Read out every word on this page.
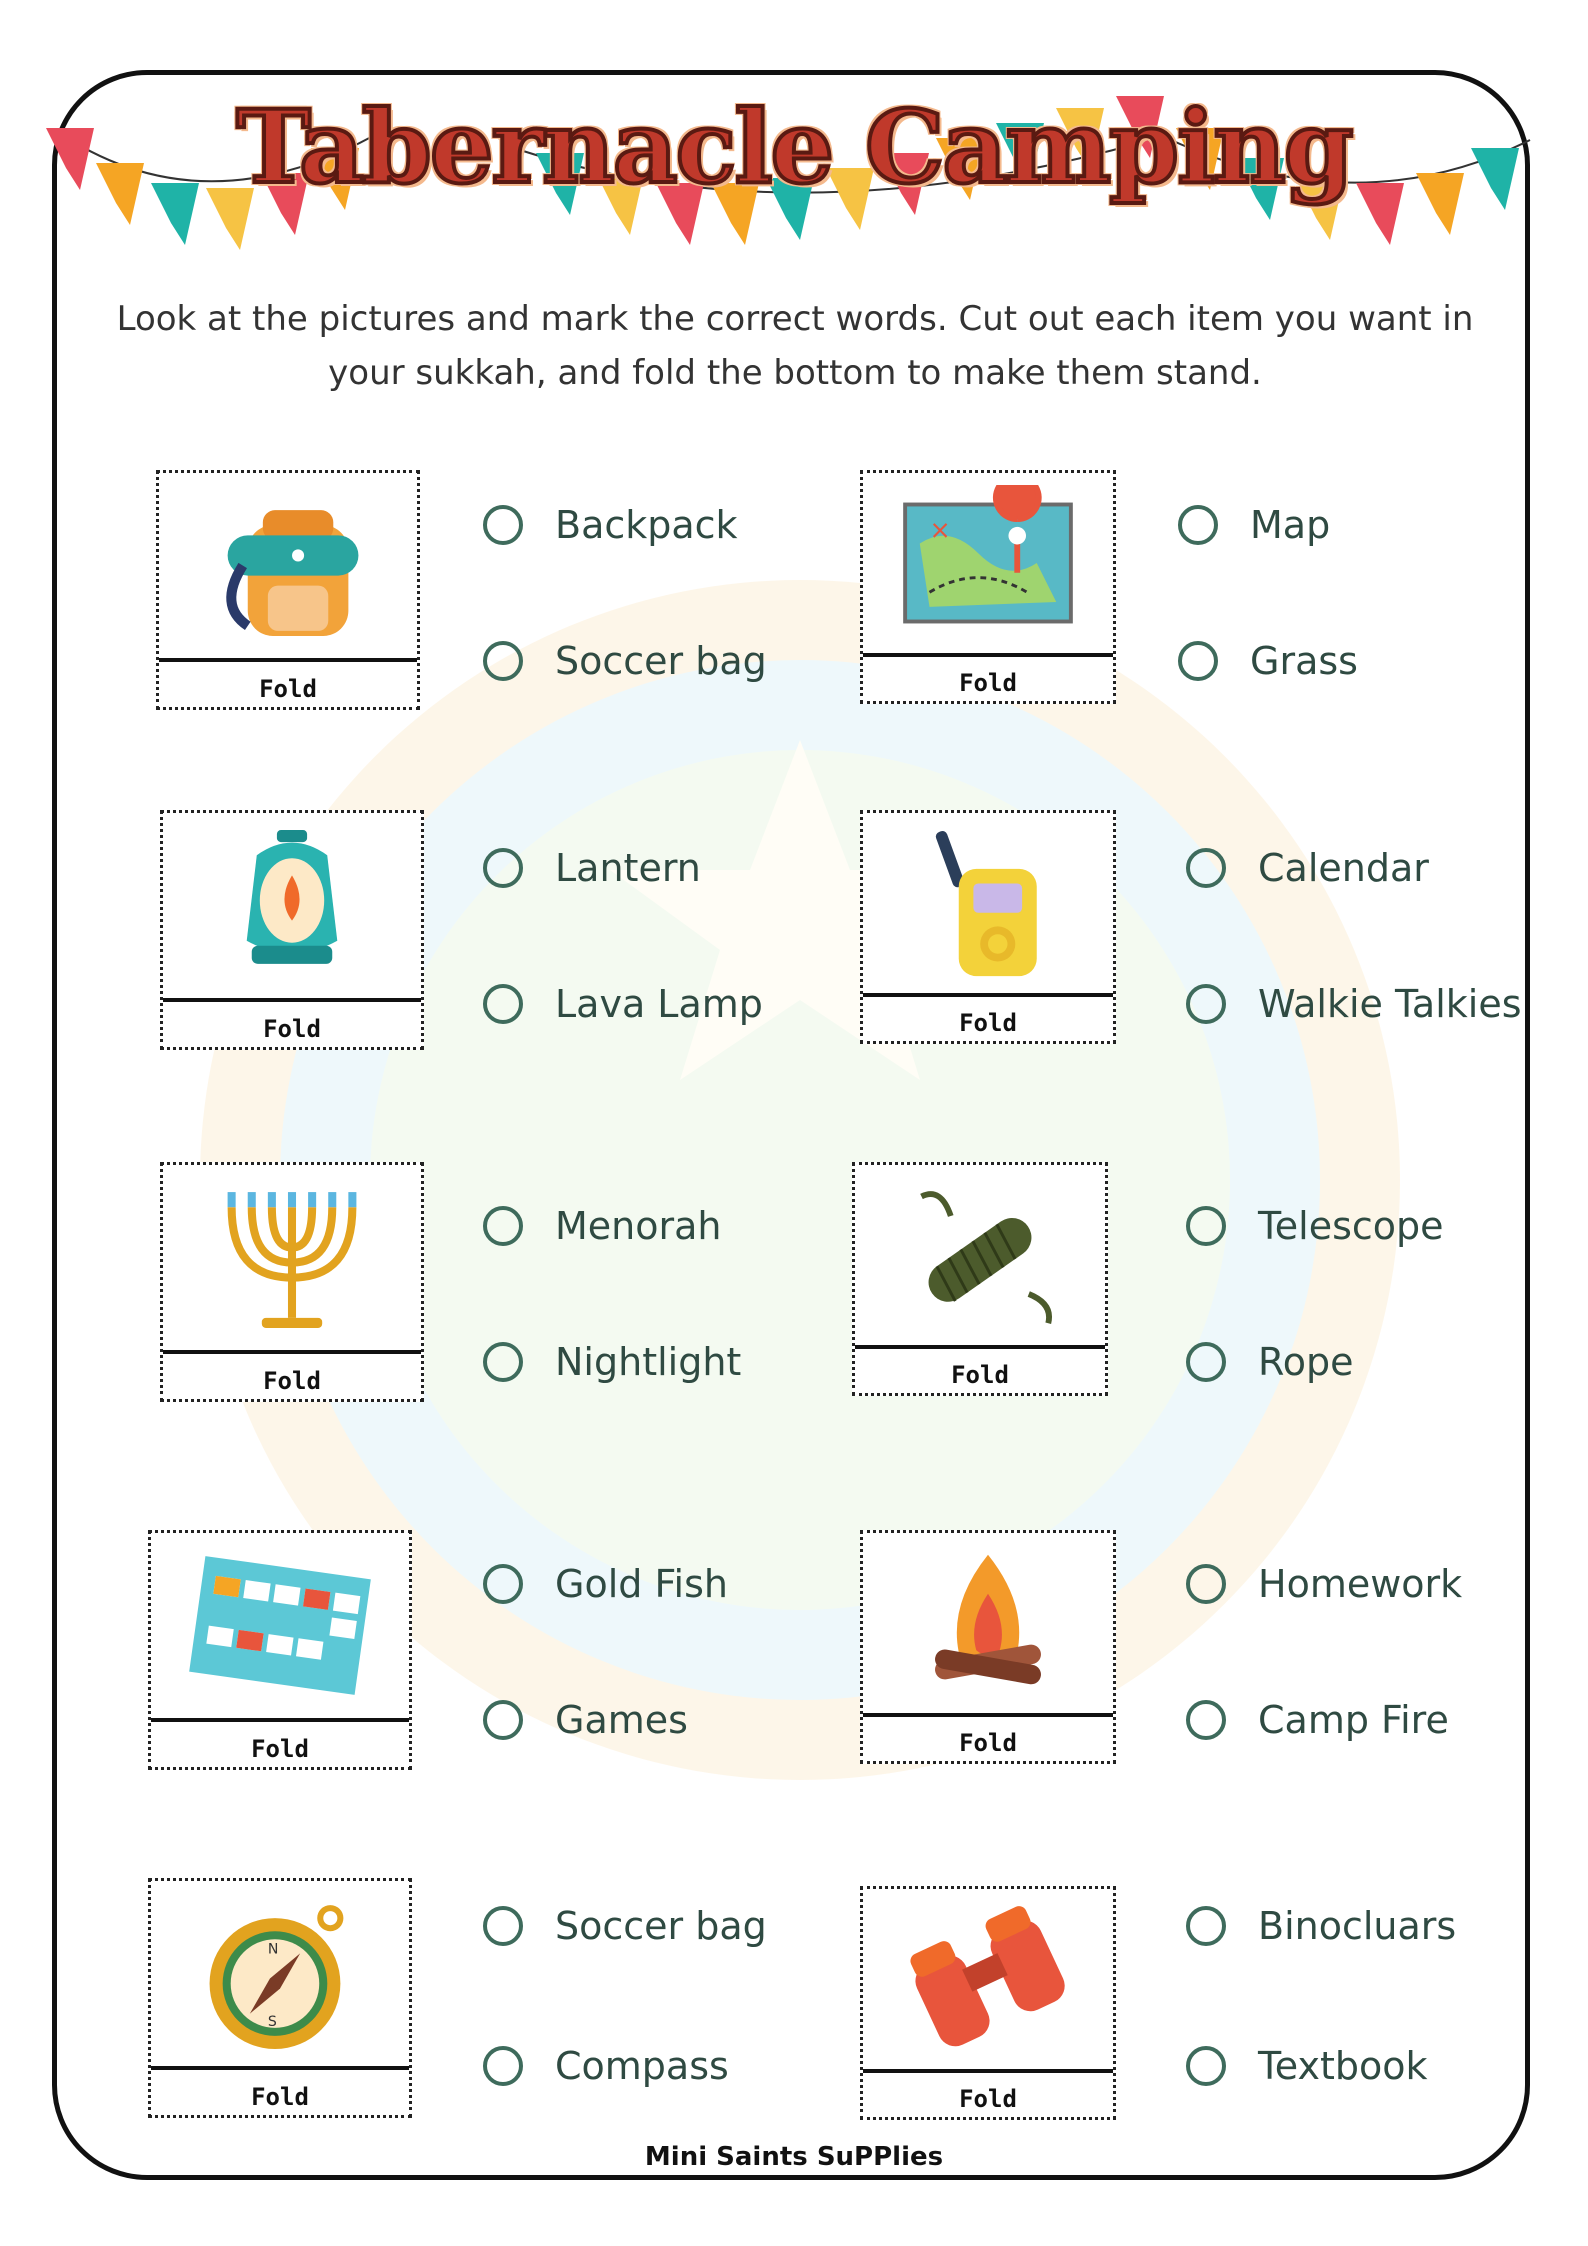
Tabernacle Camping
Look at the pictures and mark the correct words. Cut out each item you want in your sukkah, and fold the bottom to make them stand.
Fold
Backpack
Soccer bag
×
Fold
Map
Grass
Fold
Lantern
Lava Lamp	Fold
Calendar
Walkie Talkies
Fold
Menorah
Nightlight	Fold
Telescope
Rope
Fold
Gold Fish
Games
Fold
Homework
Camp Fire
N
S
Fold
Soccer bag
Compass
Fold
Binocluars
Textbook
Mini Saints SuPPlies
